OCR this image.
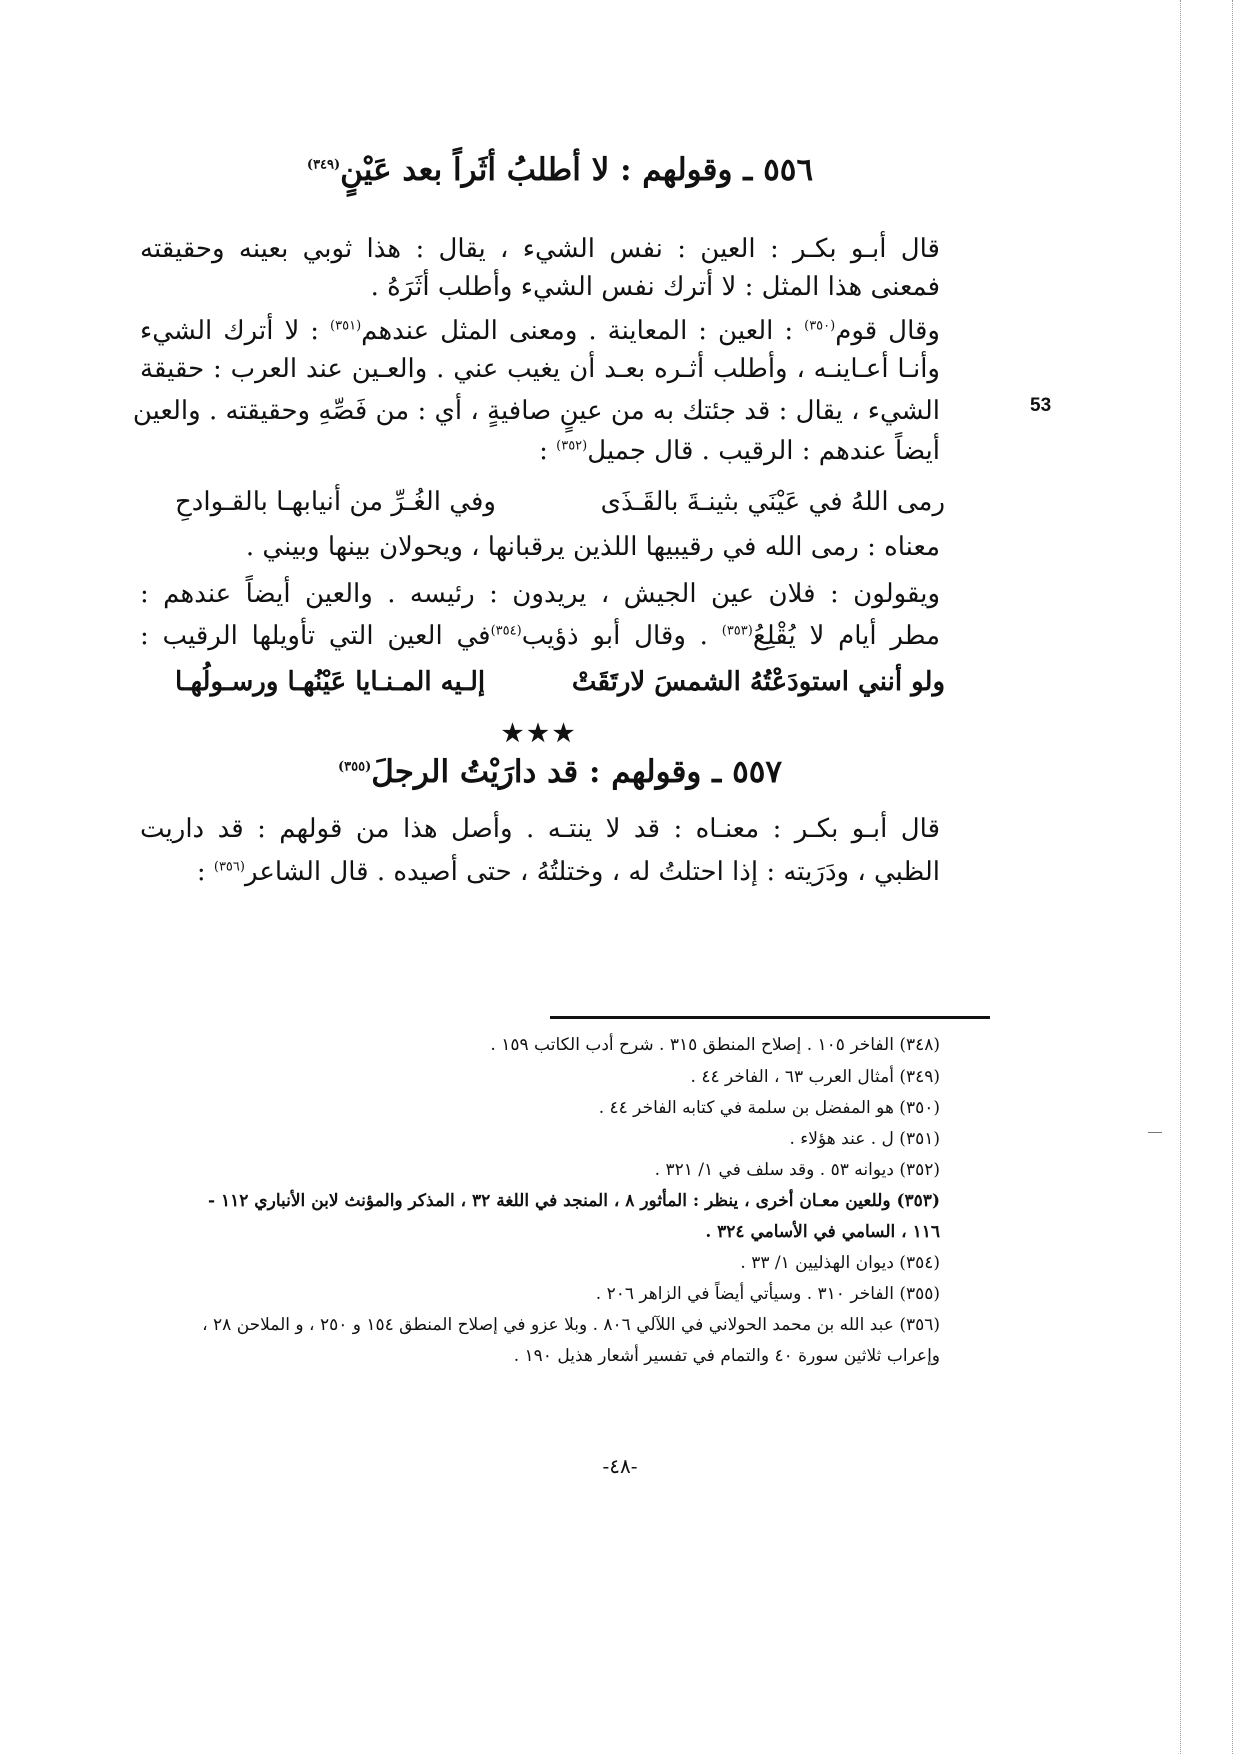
٥٥٦ ـ وقولهم : لا أطلبُ أثَراً بعد عَيْنٍ$^{(٣٤٩)}$
قال أبـو بكـر : العين : نفس الشيء ، يقال : هذا ثوبي بعينه وحقيقته
فمعنى هذا المثل : لا أترك نفس الشيء وأطلب أثَرَهُ .
وقال قوم$^{(٣٥٠)}$ : العين : المعاينة . ومعنى المثل عندهم$^{(٣٥١)}$ : لا أترك الشيء
وأنـا أعـاينـه ، وأطلب أثـره بعـد أن يغيب عني . والعـين عند العرب : حقيقة
الشيء ، يقال : قد جئتك به من عينٍ صافيةٍ ، أي : من فَصِّهِ وحقيقته . والعين
أيضاً عندهم : الرقيب . قال جميل$^{(٣٥٢)}$ :
53
رمى اللهُ في عَيْنَي بثينـةَ بالقَـذَى
وفي الغُـرِّ من أنيابهـا بالقـوادحِ
معناه : رمى الله في رقيبيها اللذين يرقبانها ، ويحولان بينها وبيني .
ويقولون : فلان عين الجيش ، يريدون : رئيسه . والعين أيضاً عندهم :
مطر أيام لا يُقْلِعُ$^{(٣٥٣)}$ . وقال أبو ذؤيب$^{(٣٥٤)}$في العين التي تأويلها الرقيب :
ولو أنني استودَعْتُهُ الشمسَ لارتَقَتْ
إلـيه المـنـايا عَيْنُهـا ورسـولُهـا
★★★
٥٥٧ ـ وقولهم : قد دارَيْتُ الرجلَ$^{(٣٥٥)}$
قال أبـو بكـر : معنـاه : قد لا ينتـه . وأصل هذا من قولهم : قد داريت
الظبي ، ودَرَيته : إذا احتلتُ له ، وختلتُهُ ، حتى أصيده . قال الشاعر$^{(٣٥٦)}$ :
(٣٤٨) الفاخر ١٠٥ . إصلاح المنطق ٣١٥ . شرح أدب الكاتب ١٥٩ .
(٣٤٩) أمثال العرب ٦٣ ، الفاخر ٤٤ .
(٣٥٠) هو المفضل بن سلمة في كتابه الفاخر ٤٤ .
(٣٥١) ل . عند هؤلاء .
(٣٥٢) ديوانه ٥٣ . وقد سلف في ١/ ٣٢١ .
(٣٥٣) وللعين معـان أخرى ، ينظر : المأثور ٨ ، المنجد في اللغة ٣٢ ، المذكر والمؤنث لابن الأنباري ١١٢ -
١١٦ ، السامي في الأسامي ٣٢٤ .
(٣٥٤) ديوان الهذليين ١/ ٣٣ .
(٣٥٥) الفاخر ٣١٠ . وسيأتي أيضاً في الزاهر ٢٠٦ .
(٣٥٦) عبد الله بن محمد الحولاني في اللآلي ٨٠٦ . وبلا عزو في إصلاح المنطق ١٥٤ و ٢٥٠ ، و الملاحن ٢٨ ،
وإعراب ثلاثين سورة ٤٠ والتمام في تفسير أشعار هذيل ١٩٠ .
-٤٨-
